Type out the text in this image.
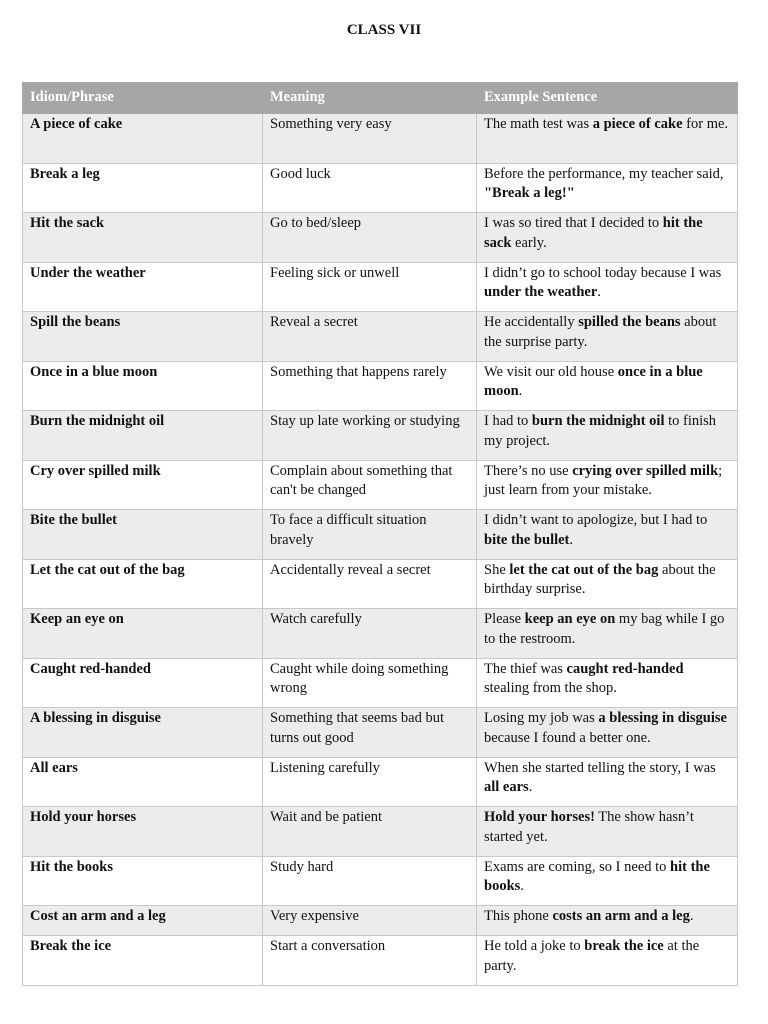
CLASS VII
Idiom/Phrase	Meaning	Example Sentence
A piece of cake	Something very easy	The math test was a piece of cake for me.
Break a leg	Good luck	Before the performance, my teacher said, "Break a leg!"
Hit the sack	Go to bed/sleep	I was so tired that I decided to hit the sack early.
Under the weather	Feeling sick or unwell	I didn’t go to school today because I was under the weather.
Spill the beans	Reveal a secret	He accidentally spilled the beans about the surprise party.
Once in a blue moon	Something that happens rarely	We visit our old house once in a blue moon.
Burn the midnight oil	Stay up late working or studying	I had to burn the midnight oil to finish my project.
Cry over spilled milk	Complain about something that can't be changed	There’s no use crying over spilled milk; just learn from your mistake.
Bite the bullet	To face a difficult situation bravely	I didn’t want to apologize, but I had to bite the bullet.
Let the cat out of the bag	Accidentally reveal a secret	She let the cat out of the bag about the birthday surprise.
Keep an eye on	Watch carefully	Please keep an eye on my bag while I go to the restroom.
Caught red-handed	Caught while doing something wrong	The thief was caught red-handed stealing from the shop.
A blessing in disguise	Something that seems bad but turns out good	Losing my job was a blessing in disguise because I found a better one.
All ears	Listening carefully	When she started telling the story, I was all ears.
Hold your horses	Wait and be patient	Hold your horses! The show hasn’t started yet.
Hit the books	Study hard	Exams are coming, so I need to hit the books.
Cost an arm and a leg	Very expensive	This phone costs an arm and a leg.
Break the ice	Start a conversation	He told a joke to break the ice at the party.
